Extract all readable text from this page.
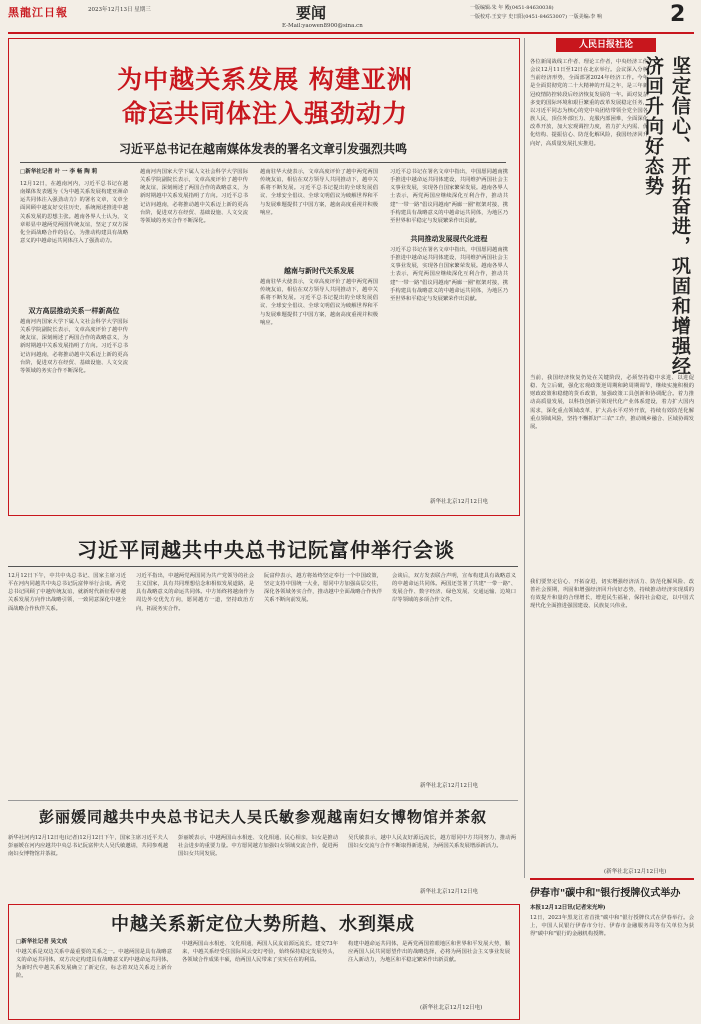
黑龍江日報	2023年12月13日 星期三	要闻
E-Mail:yaowen8900@sina.cn
一版编辑:朱 年 殿(0451-84630038)
一版校对:王安宇 史日阳(0451-84653007) 一版美编:李 响	2
为中越关系发展 构建亚洲
命运共同体注入强劲动力
习近平总书记在越南媒体发表的署名文章引发强烈共鸣
□新华社记者 叶 一 李 畅 陶 莉
12月12日，在越南河内，习近平总书记在越南媒体发表题为《为中越关系发展构建亚洲命运共同体注入强劲动力》的署名文章，文章全面回顾中越友好交往历史，系统阐述推进中越关系发展的思想主张。越南各界人士认为，文章彰显中越两党两国传统友谊，坚定了双方深化全面战略合作的信心，为推动构建具有战略意义的中越命运共同体注入了强劲动力。
双方高层推动关系一样新高位
越南河内国家大学下属人文社会科学大学国际关系学院副院长表示，文章高度评价了越中传统友谊，深刻阐述了两国合作的战略意义，为新时期越中关系发展指明了方向。习近平总书记访问越南，必将推动越中关系迈上新的更高台阶，促进双方在经贸、基础设施、人文交流等领域的务实合作不断深化。
越南河内国家大学下属人文社会科学大学国际关系学院副院长表示，文章高度评价了越中传统友谊，深刻阐述了两国合作的战略意义，为新时期越中关系发展指明了方向。习近平总书记访问越南，必将推动越中关系迈上新的更高台阶，促进双方在经贸、基础设施、人文交流等领域的务实合作不断深化。
越南驻华大使表示，文章高度评价了越中两党两国传统友谊，相信在双方领导人共同推动下，越中关系将不断发展。习近平总书记提出的全球发展倡议、全球安全倡议、全球文明倡议为破解世界和平与发展难题提供了中国方案，越南高度重视并积极响应。
越南与新时代关系发展
越南驻华大使表示，文章高度评价了越中两党两国传统友谊，相信在双方领导人共同推动下，越中关系将不断发展。习近平总书记提出的全球发展倡议、全球安全倡议、全球文明倡议为破解世界和平与发展难题提供了中国方案，越南高度重视并积极响应。
习近平总书记在署名文章中指出，中国愿同越南携手推进中越命运共同体建设，共同维护两国社会主义事业发展，实现各自国家繁荣发展。越南各界人士表示，两党两国应继续深化互利合作，推动共建"一带一路"倡议同越南"两廊一圈"框架对接，携手构建具有战略意义的中越命运共同体，为地区乃至世界和平稳定与发展繁荣作出贡献。
共同推动发展现代化进程
习近平总书记在署名文章中指出，中国愿同越南携手推进中越命运共同体建设，共同维护两国社会主义事业发展，实现各自国家繁荣发展。越南各界人士表示，两党两国应继续深化互利合作，推动共建"一带一路"倡议同越南"两廊一圈"框架对接，携手构建具有战略意义的中越命运共同体，为地区乃至世界和平稳定与发展繁荣作出贡献。
新华社北京12月12日电
人民日报社论
各位新闻战线工作者、理论工作者，中央经济工作会议12月11日至12日在北京举行。会议深入分析当前经济形势，全面部署2024年经济工作。今年是全面贯彻党的二十大精神的开局之年，是三年新冠疫情防控转段后经济恢复发展的一年。面对复杂多变的国际环境和艰巨繁重的改革发展稳定任务，以习近平同志为核心的党中央团结带领全党全国各族人民，顶住外部压力、克服内部困难，全面深化改革开放，加大宏观调控力度，着力扩大内需、优化结构、提振信心、防范化解风险，我国经济回升向好，高质量发展扎实推进。	坚定信心、开拓奋进，巩固和增强经济回升向好态势
当前，我国经济恢复仍处在关键阶段，必须坚持稳中求进、以进促稳、先立后破，强化宏观政策逆周期和跨周期调节，继续实施积极的财政政策和稳健的货币政策，加强政策工具创新和协调配合。着力推动高质量发展，以科技创新引领现代化产业体系建设，着力扩大国内需求，深化重点领域改革，扩大高水平对外开放，持续有效防范化解重点领域风险，坚持不懈抓好"三农"工作，推动城乡融合、区域协调发展。
我们要坚定信心、开拓奋进，切实增强经济活力、防范化解风险、改善社会预期，巩固和增强经济回升向好态势，持续推动经济实现质的有效提升和量的合理增长，增进民生福祉，保持社会稳定，以中国式现代化全面推进强国建设、民族复兴伟业。
(新华社北京12月12日电)
习近平同越共中央总书记阮富仲举行会谈
12月12日下午，中共中央总书记、国家主席习近平在河内同越共中央总书记阮富仲举行会谈。两党总书记回顾了中越传统友谊，就新时代新征程中越关系发展方向作出战略引领，一致同意深化中越全面战略合作伙伴关系。
习近平指出，中越两党两国同为共产党领导的社会主义国家，具有共同理想信念和相似发展道路，是具有战略意义的命运共同体。中方始终将越南作为周边外交优先方向，愿同越方一道，坚持政治方向，拓展务实合作。
阮富仲表示，越方将始终坚定奉行一个中国政策，坚定支持中国统一大业，愿同中方加强高层交往，深化各领域务实合作，推动越中全面战略合作伙伴关系不断向前发展。
会谈后，双方发表联合声明，宣布构建具有战略意义的中越命运共同体。两国还签署了共建"一带一路"、发展合作、数字经济、绿色发展、交通运输、边境口岸等领域的多项合作文件。
新华社北京12月12日电
彭丽媛同越共中央总书记夫人吴氏敏参观越南妇女博物馆并茶叙
新华社河内12月12日电(记者)12月12日下午，国家主席习近平夫人彭丽媛在河内应越共中央总书记阮富仲夫人吴氏敏邀请，共同参观越南妇女博物馆并茶叙。
彭丽媛表示，中越两国山水相连、文化相通、民心相亲，妇女是推动社会进步的重要力量。中方愿同越方加强妇女领域交流合作，促进两国妇女共同发展。
吴氏敏表示，越中人民友好源远流长，越方愿同中方共同努力，推动两国妇女交流与合作不断取得新进展，为两国关系发展增添新活力。
新华社北京12月12日电
中越关系新定位大势所趋、水到渠成
□新华社记者 吴文成
中越关系是双边关系中最重要的关系之一。中越两国是具有战略意义的命运共同体，双方决定构建具有战略意义的中越命运共同体，为新时代中越关系发展确立了新定位，标志着双边关系迈上新台阶。
中越两国山水相连、文化相通，两国人民友谊源远流长。建交73年来，中越关系经受住国际风云变幻考验，始终保持稳定发展势头，各领域合作成果丰硕，给两国人民带来了实实在在的利益。
构建中越命运共同体，是两党两国着眼地区和世界和平发展大势，顺应两国人民共同愿望作出的战略选择，必将为两国社会主义事业发展注入新动力，为地区和平稳定繁荣作出新贡献。
(新华社北京12月12日电)
伊春市"碳中和"银行授牌仪式举办
本报12月12日讯(记者宋光坤)
12日，2023年黑龙江省首批"碳中和"银行授牌仪式在伊春举行。会上，中国人民银行伊春市分行、伊春市金融服务局等有关单位为获得"碳中和"银行的金融机构授牌。
